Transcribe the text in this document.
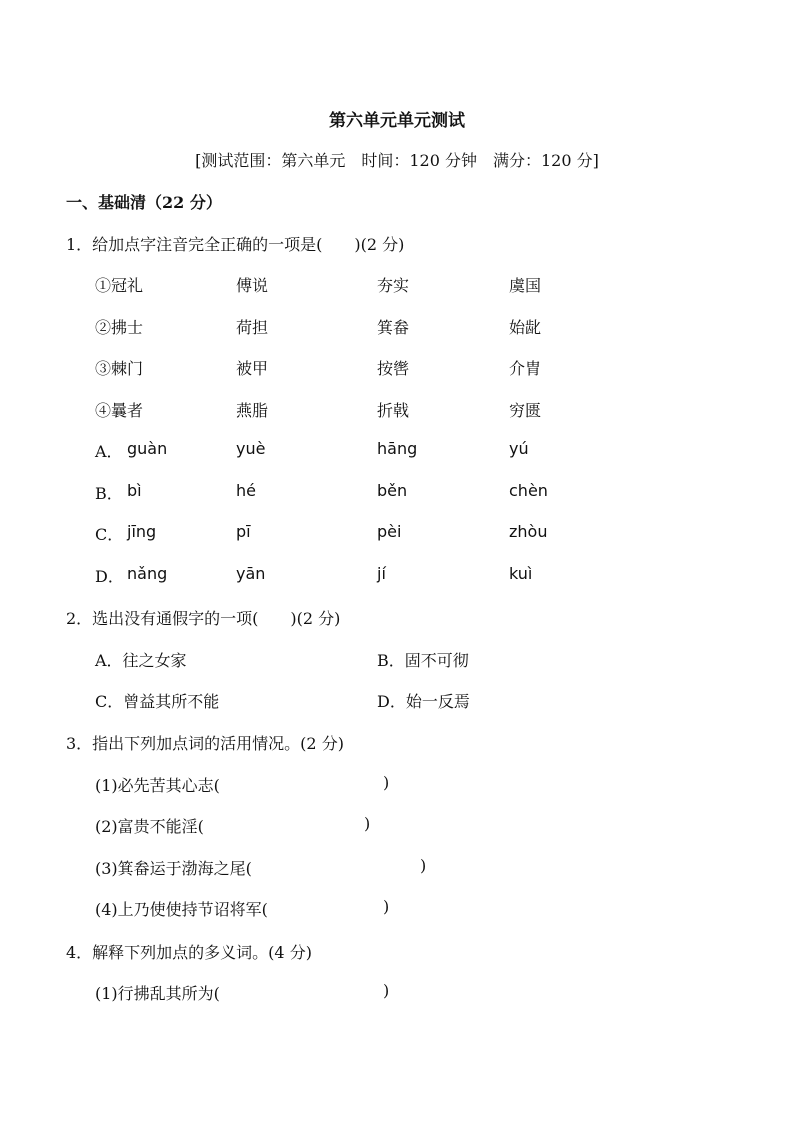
第六单元单元测试
[测试范围：第六单元　时间：120 分钟　满分：120 分]
一、基础清（22 分）
1．给加点字注音完全正确的一项是(　　)(2 分)
①冠礼	傅说	夯实	虞国
②拂士	荷担	箕畚	始龀
③棘门	被甲	按辔	介胄
④曩者	燕脂	折戟	穷匮
A． guàn	yuè	hāng	yú
B． bì	hé	běn	chèn
C． jīng	pī	pèi	zhòu
D． nǎng	yān	jí	kuì
2．选出没有通假字的一项(　　)(2 分)
A．往之女家	B．固不可彻
C．曾益其所不能	D．始一反焉
3．指出下列加点词的活用情况。(2 分)
(1)必先苦其心志(	)
(2)富贵不能淫(	)
(3)箕畚运于渤海之尾(	)
(4)上乃使使持节诏将军(	)
4．解释下列加点的多义词。(4 分)
(1)行拂乱其所为(	)
